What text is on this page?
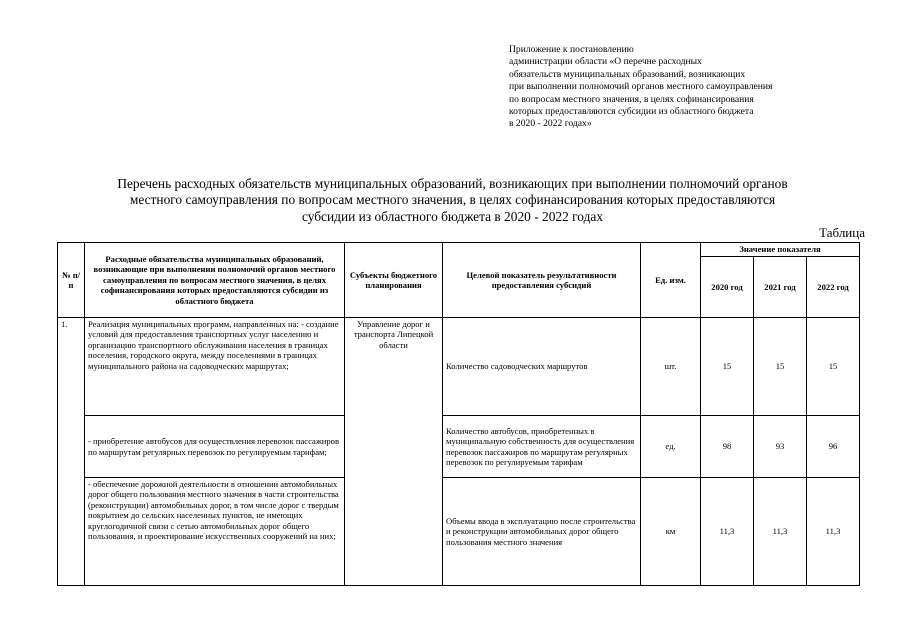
Приложение к постановлению
администрации области «О перечне расходных
обязательств муниципальных образований, возникающих
при выполнении полномочий органов местного самоуправления
по вопросам местного значения, в целях софинансирования
которых предоставляются субсидии из областного бюджета
в 2020 - 2022 годах»
Перечень расходных обязательств муниципальных образований, возникающих при выполнении полномочий органов
местного самоуправления по вопросам местного значения, в целях софинансирования которых предоставляются
субсидии из областного бюджета в 2020 - 2022 годах
Таблица
№ п/п	Расходные обязательства муниципальных образований, возникающие при выполнении полномочий органов местного самоуправления по вопросам местного значения, в целях софинансирования которых предоставляются субсидии из областного бюджета	Субъекты бюджетного планирования	Целевой показатель результативности предоставления субсидий	Ед. изм.	Значение показателя		
					2020 год	2021 год	2022 год
1.	Реализация муниципальных программ, направленных на: - создание условий для предоставления транспортных услуг населению и организацию транспортного обслуживания населения в границах поселения, городского округа, между поселениями в границах муниципального района на садоводческих маршрутах;	Управление дорог и транспорта Липецкой области	Количество садоводческих маршрутов	шт.	15	15	15
	- приобретение автобусов для осуществления перевозок пассажиров по маршрутам регулярных перевозок по регулируемым тарифам;		Количество автобусов, приобретенных в муниципальную собственность для осуществления перевозок пассажиров по маршрутам регулярных перевозок по регулируемым тарифам	ед.	98	93	96
	- обеспечение дорожной деятельности в отношении автомобильных дорог общего пользования местного значения в части строительства (реконструкции) автомобильных дорог, в том числе дорог с твердым покрытием до сельских населенных пунктов, не имеющих круглогодичной связи с сетью автомобильных дорог общего пользования, и проектирование искусственных сооружений на них;		Объемы ввода в эксплуатацию после строительства и реконструкции автомобильных дорог общего пользования местного значения	км	11,3	11,3	11,3
